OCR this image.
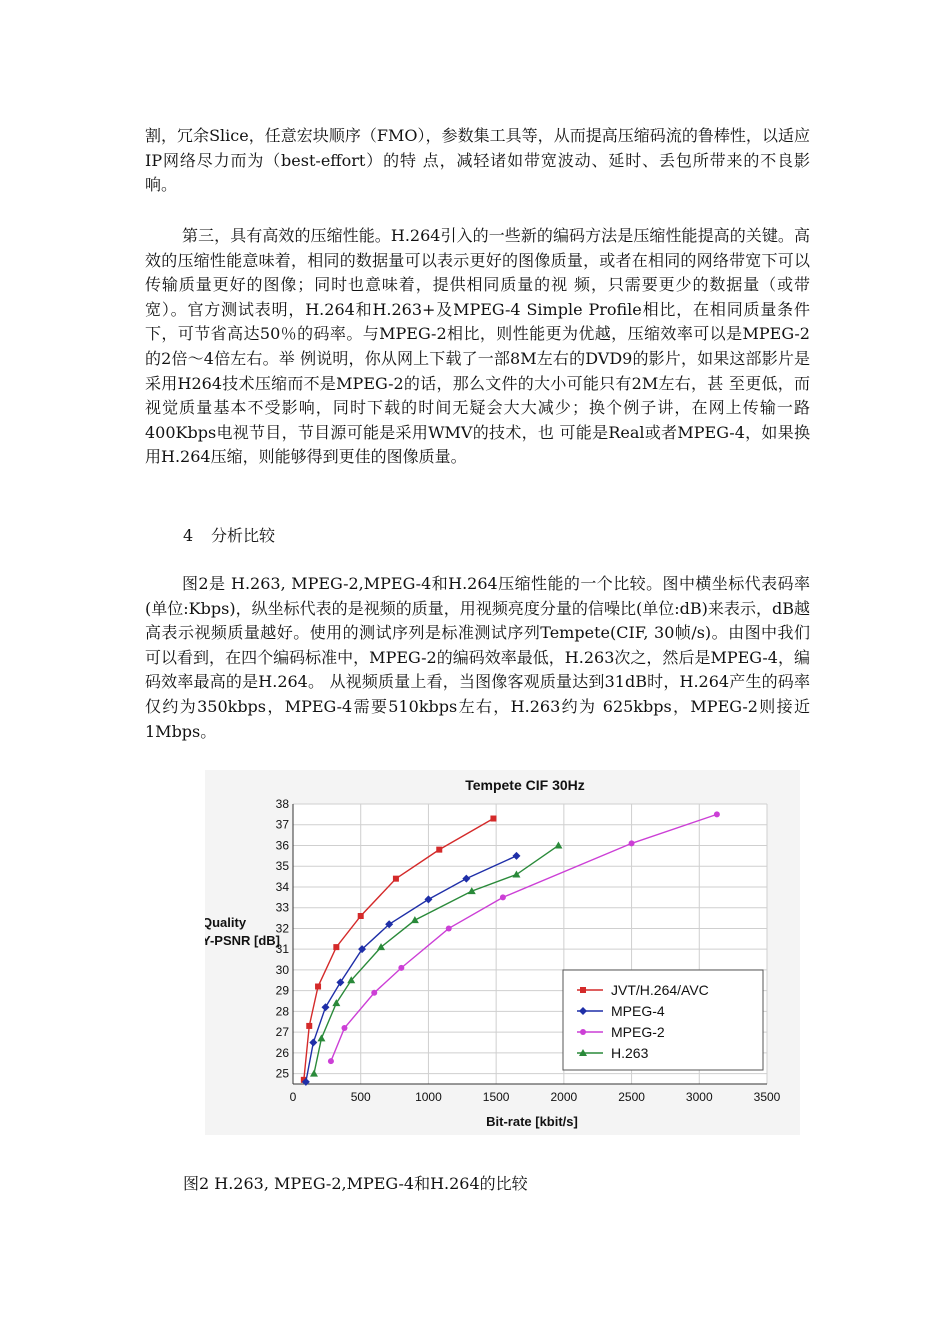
割，冗余Slice，任意宏块顺序（FMO），参数集工具等，从而提高压缩码流的鲁棒性，以适应IP网络尽力而为（best-effort）的特 点，减轻诸如带宽波动、延时、丢包所带来的不良影响。

第三，具有高效的压缩性能。H.264引入的一些新的编码方法是压缩性能提高的关键。高效的压缩性能意味着，相同的数据量可以表示更好的图像质量，或者在相同的网络带宽下可以传输质量更好的图像；同时也意味着，提供相同质量的视 频，只需要更少的数据量（或带宽）。官方测试表明，H.264和H.263+及MPEG-4 Simple Profile相比，在相同质量条件下，可节省高达50％的码率。与MPEG-2相比，则性能更为优越，压缩效率可以是MPEG-2的2倍～4倍左右。举 例说明，你从网上下载了一部8M左右的DVD9的影片，如果这部影片是采用H264技术压缩而不是MPEG-2的话，那么文件的大小可能只有2M左右，甚 至更低，而视觉质量基本不受影响，同时下载的时间无疑会大大减少；换个例子讲，在网上传输一路400Kbps电视节目，节目源可能是采用WMV的技术，也 可能是Real或者MPEG-4，如果换用H.264压缩，则能够得到更佳的图像质量。

4 分析比较

图2是 H.263, MPEG-2,MPEG-4和H.264压缩性能的一个比较。图中横坐标代表码率(单位:Kbps)，纵坐标代表的是视频的质量，用视频亮度分量的信噪比(单位:dB)来表示，dB越高表示视频质量越好。使用的测试序列是标准测试序列Tempete(CIF, 30帧/s)。由图中我们可以看到，在四个编码标准中，MPEG-2的编码效率最低，H.263次之，然后是MPEG-4，编码效率最高的是H.264。 从视频质量上看，当图像客观质量达到31dB时，H.264产生的码率仅约为350kbps，MPEG-4需要510kbps左右，H.263约为 625kbps，MPEG-2则接近1Mbps。

Tempete CIF 30Hz
Quality
Y-PSNR [dB]
Bit-rate [kbit/s]
0	500	1000	1500	2000	2500	3000	3500
25
26
27
28
29
30
31
32
33
34
35
36
37
38
JVT/H.264/AVC
MPEG-4
MPEG-2
H.263

图2 H.263, MPEG-2,MPEG-4和H.264的比较
